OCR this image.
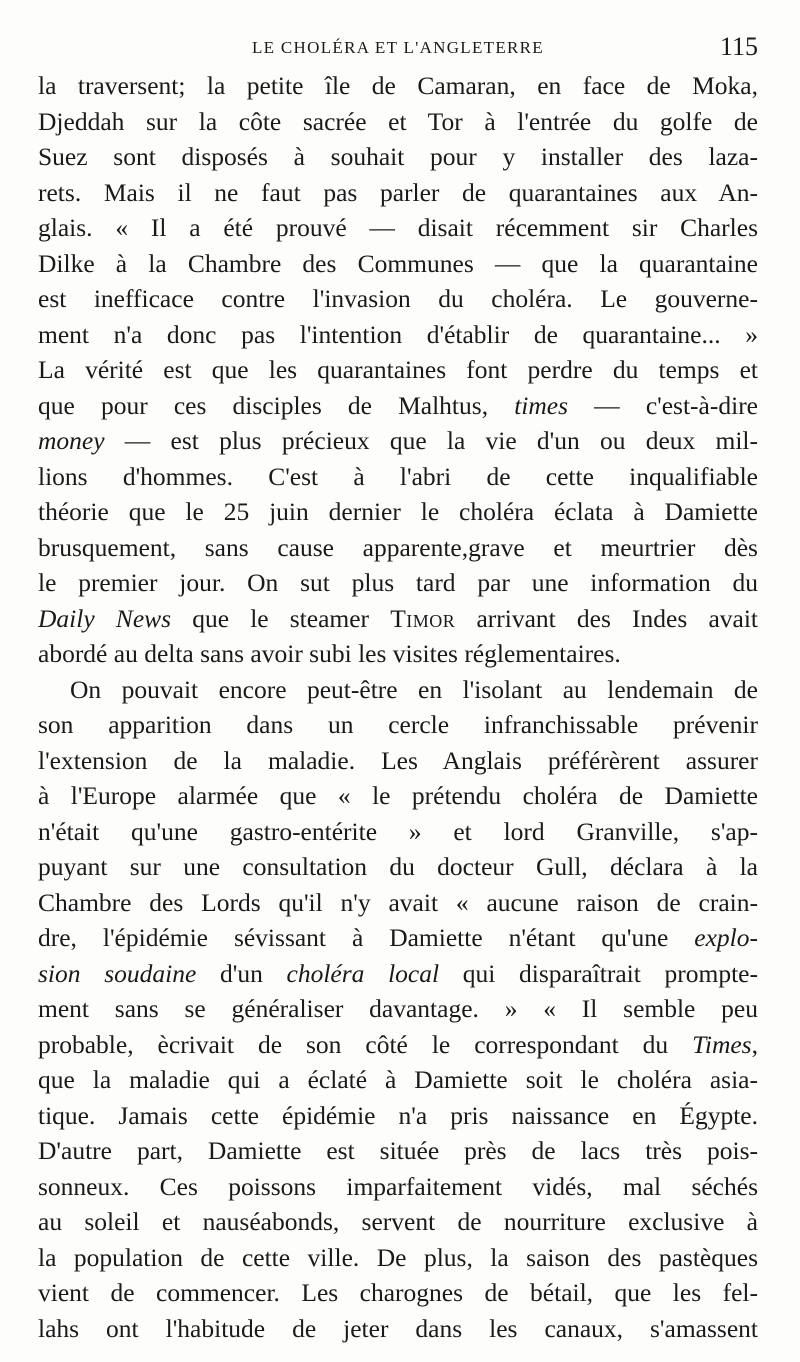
LE CHOLÉRA ET L'ANGLETERRE	115
la traversent; la petite île de Camaran, en face de Moka,
Djeddah sur la côte sacrée et Tor à l'entrée du golfe de
Suez sont disposés à souhait pour y installer des laza-
rets. Mais il ne faut pas parler de quarantaines aux An-
glais. « Il a été prouvé — disait récemment sir Charles
Dilke à la Chambre des Communes — que la quarantaine
est inefficace contre l'invasion du choléra. Le gouverne-
ment n'a donc pas l'intention d'établir de quarantaine... »
La vérité est que les quarantaines font perdre du temps et
que pour ces disciples de Malhtus, times — c'est-à-dire
money — est plus précieux que la vie d'un ou deux mil-
lions d'hommes. C'est à l'abri de cette inqualifiable
théorie que le 25 juin dernier le choléra éclata à Damiette
brusquement, sans cause apparente,grave et meurtrier dès
le premier jour. On sut plus tard par une information du
Daily News que le steamer Timor arrivant des Indes avait
abordé au delta sans avoir subi les visites réglementaires.
On pouvait encore peut-être en l'isolant au lendemain de
son apparition dans un cercle infranchissable prévenir
l'extension de la maladie. Les Anglais préférèrent assurer
à l'Europe alarmée que « le prétendu choléra de Damiette
n'était qu'une gastro-entérite » et lord Granville, s'ap-
puyant sur une consultation du docteur Gull, déclara à la
Chambre des Lords qu'il n'y avait « aucune raison de crain-
dre, l'épidémie sévissant à Damiette n'étant qu'une explo-
sion soudaine d'un choléra local qui disparaîtrait prompte-
ment sans se généraliser davantage. » « Il semble peu
probable, ècrivait de son côté le correspondant du Times,
que la maladie qui a éclaté à Damiette soit le choléra asia-
tique. Jamais cette épidémie n'a pris naissance en Égypte.
D'autre part, Damiette est située près de lacs très pois-
sonneux. Ces poissons imparfaitement vidés, mal séchés
au soleil et nauséabonds, servent de nourriture exclusive à
la population de cette ville. De plus, la saison des pastèques
vient de commencer. Les charognes de bétail, que les fel-
lahs ont l'habitude de jeter dans les canaux, s'amassent
